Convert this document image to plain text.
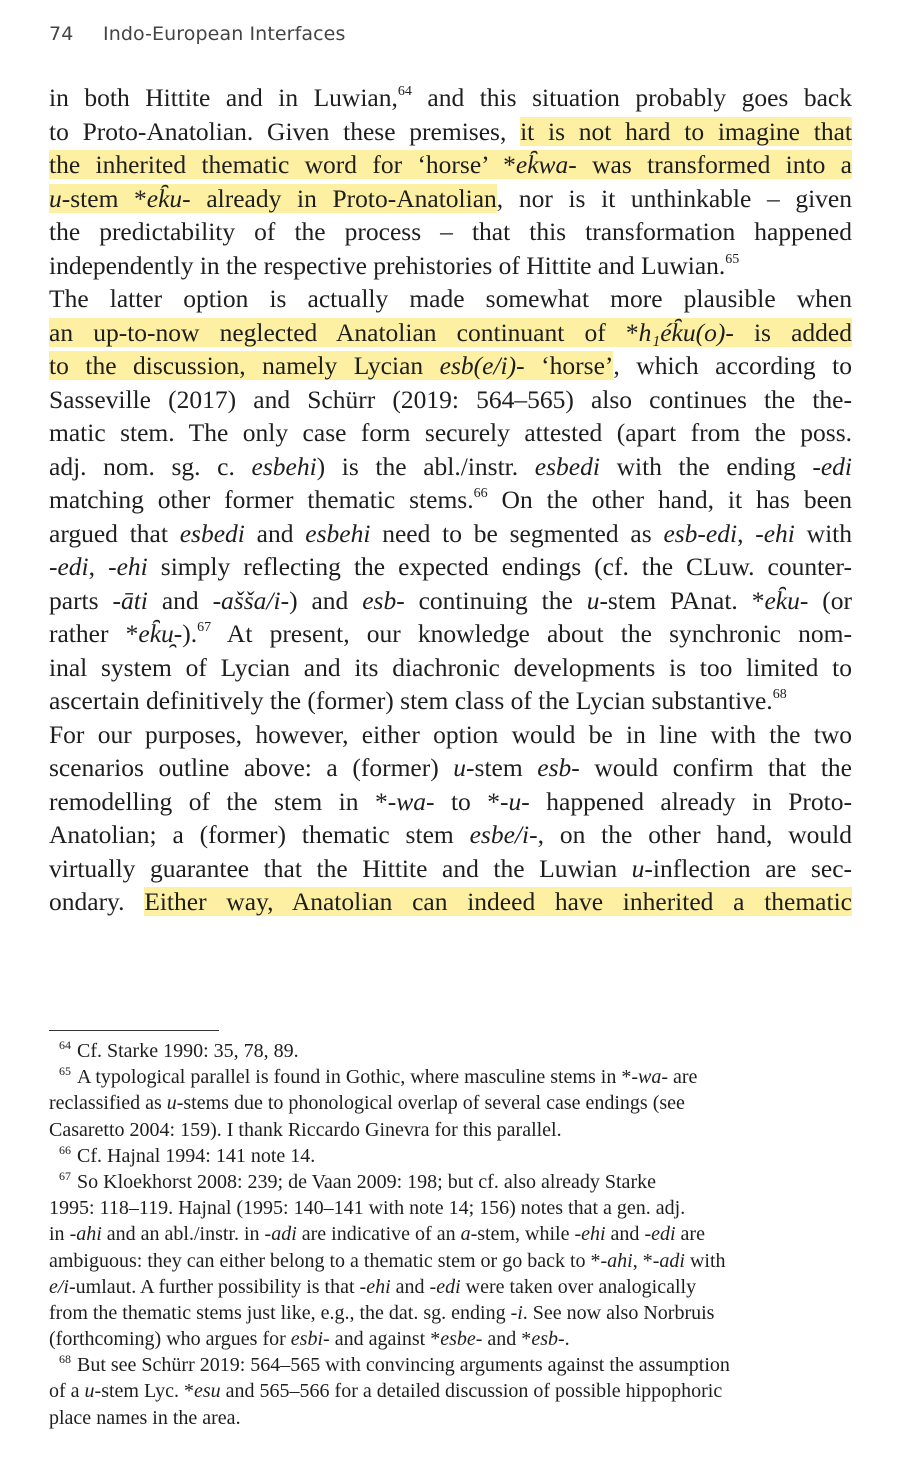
74 Indo-European Interfaces
in both Hittite and in Luwian,$^{64}$ and this situation probably goes back
to Proto-Anatolian. Given these premises, it is not hard to imagine that
the inherited thematic word for ‘horse’ *ek̑wa- was transformed into a
u-stem *ek̑u- already in Proto-Anatolian, nor is it unthinkable – given
the predictability of the process – that this transformation happened
independently in the respective prehistories of Hittite and Luwian.$^{65}$
The latter option is actually made somewhat more plausible when
an up-to-now neglected Anatolian continuant of *h₁ék̑u(o)- is added
to the discussion, namely Lycian esb(e/i)- ‘horse’, which according to
Sasseville (2017) and Schürr (2019: 564–565) also continues the the-
matic stem. The only case form securely attested (apart from the poss.
adj. nom. sg. c. esbehi) is the abl./instr. esbedi with the ending -edi
matching other former thematic stems.$^{66}$ On the other hand, it has been
argued that esbedi and esbehi need to be segmented as esb-edi, -ehi with
-edi, -ehi simply reflecting the expected endings (cf. the CLuw. counter-
parts -āti and -ašša/i-) and esb- continuing the u-stem PAnat. *ek̑u- (or
rather *ek̑u̯-).$^{67}$ At present, our knowledge about the synchronic nom-
inal system of Lycian and its diachronic developments is too limited to
ascertain definitively the (former) stem class of the Lycian substantive.$^{68}$
For our purposes, however, either option would be in line with the two
scenarios outline above: a (former) u-stem esb- would confirm that the
remodelling of the stem in *-wa- to *-u- happened already in Proto-
Anatolian; a (former) thematic stem esbe/i-, on the other hand, would
virtually guarantee that the Hittite and the Luwian u-inflection are sec-
ondary. Either way, Anatolian can indeed have inherited a thematic
$^{64}$ Cf. Starke 1990: 35, 78, 89.
$^{65}$ A typological parallel is found in Gothic, where masculine stems in *-wa- are
reclassified as u-stems due to phonological overlap of several case endings (see
Casaretto 2004: 159). I thank Riccardo Ginevra for this parallel.
$^{66}$ Cf. Hajnal 1994: 141 note 14.
$^{67}$ So Kloekhorst 2008: 239; de Vaan 2009: 198; but cf. also already Starke
1995: 118–119. Hajnal (1995: 140–141 with note 14; 156) notes that a gen. adj.
in -ahi and an abl./instr. in -adi are indicative of an a-stem, while -ehi and -edi are
ambiguous: they can either belong to a thematic stem or go back to *-ahi, *-adi with
e/i-umlaut. A further possibility is that -ehi and -edi were taken over analogically
from the thematic stems just like, e.g., the dat. sg. ending -i. See now also Norbruis
(forthcoming) who argues for esbi- and against *esbe- and *esb-.
$^{68}$ But see Schürr 2019: 564–565 with convincing arguments against the assumption
of a u-stem Lyc. *esu and 565–566 for a detailed discussion of possible hippophoric
place names in the area.
